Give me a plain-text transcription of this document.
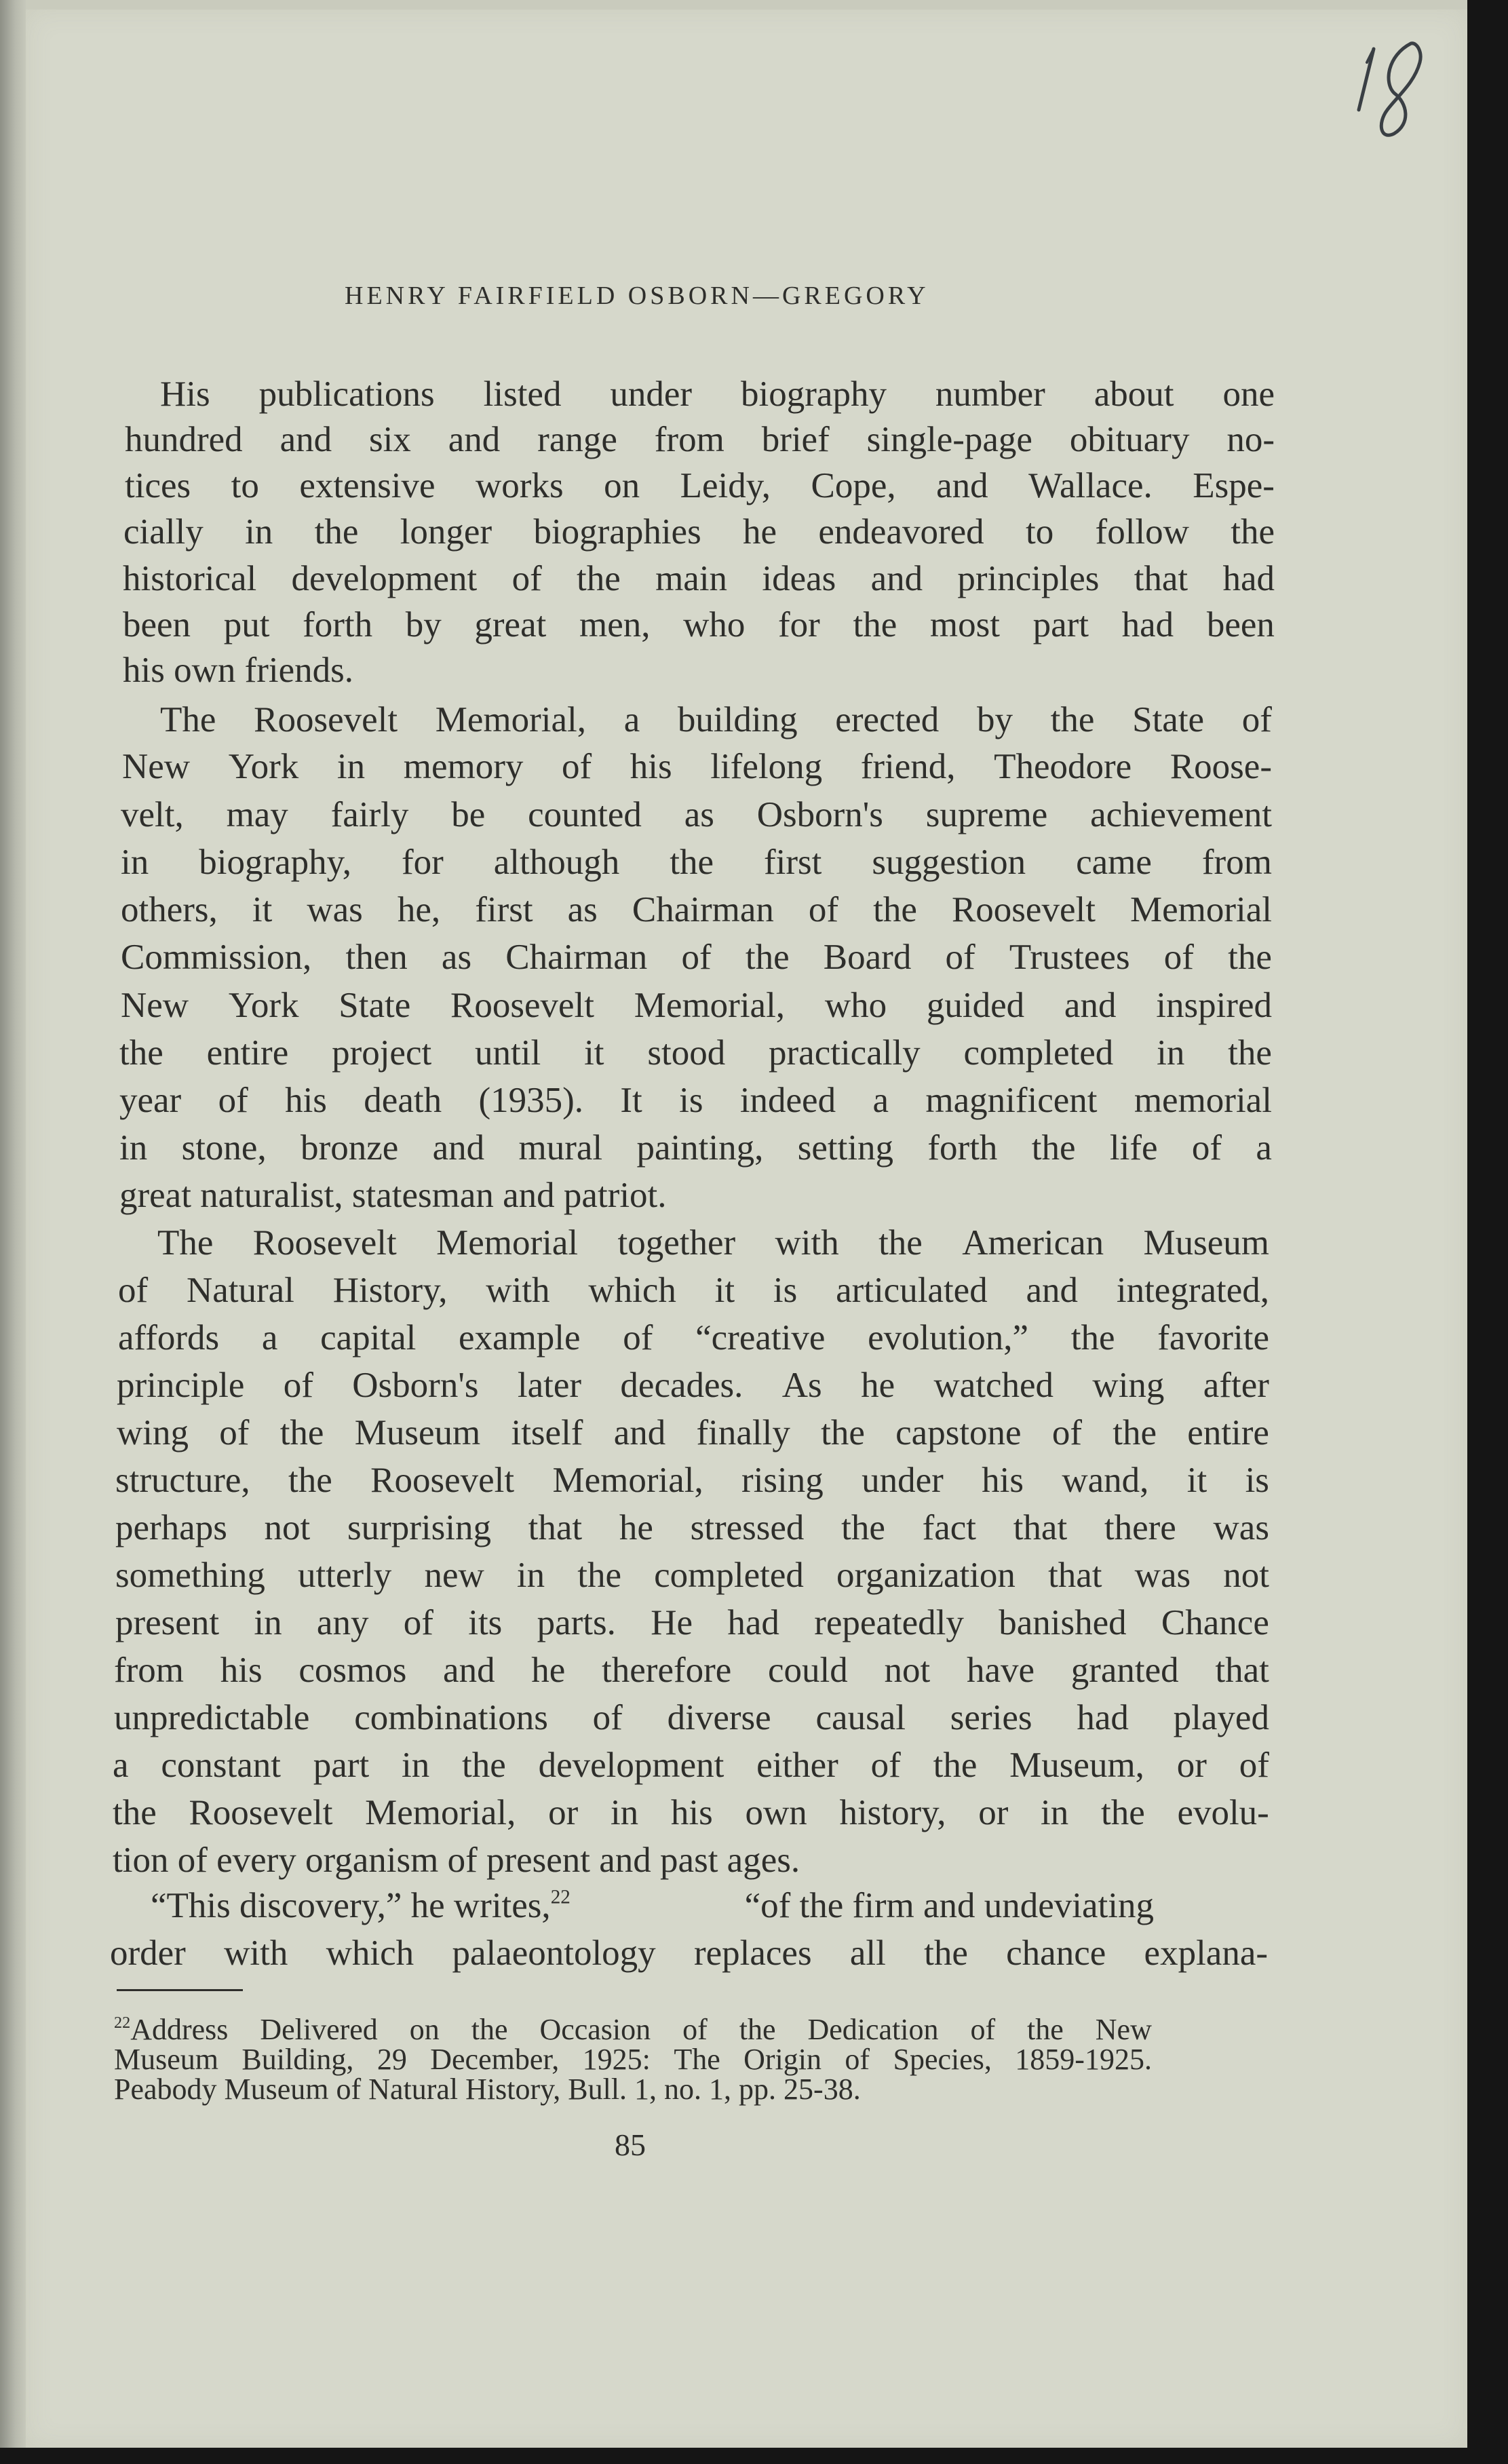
HENRY FAIRFIELD OSBORN—GREGORY
His publications listed under biography number about one
hundred and six and range from brief single-page obituary no-
tices to extensive works on Leidy, Cope, and Wallace. Espe-
cially in the longer biographies he endeavored to follow the
historical development of the main ideas and principles that had
been put forth by great men, who for the most part had been
his own friends.
The Roosevelt Memorial, a building erected by the State of
New York in memory of his lifelong friend, Theodore Roose-
velt, may fairly be counted as Osborn's supreme achievement
in biography, for although the first suggestion came from
others, it was he, first as Chairman of the Roosevelt Memorial
Commission, then as Chairman of the Board of Trustees of the
New York State Roosevelt Memorial, who guided and inspired
the entire project until it stood practically completed in the
year of his death (1935). It is indeed a magnificent memorial
in stone, bronze and mural painting, setting forth the life of a
great naturalist, statesman and patriot.
The Roosevelt Memorial together with the American Museum
of Natural History, with which it is articulated and integrated,
affords a capital example of “creative evolution,” the favorite
principle of Osborn's later decades. As he watched wing after
wing of the Museum itself and finally the capstone of the entire
structure, the Roosevelt Memorial, rising under his wand, it is
perhaps not surprising that he stressed the fact that there was
something utterly new in the completed organization that was not
present in any of its parts. He had repeatedly banished Chance
from his cosmos and he therefore could not have granted that
unpredictable combinations of diverse causal series had played
a constant part in the development either of the Museum, or of
the Roosevelt Memorial, or in his own history, or in the evolu-
tion of every organism of present and past ages.
order with which palaeontology replaces all the chance explana-
“This discovery,” he writes,$^{22}$	“of the firm and undeviating
$^{22}$Address Delivered on the Occasion of the Dedication of the New
Museum Building, 29 December, 1925: The Origin of Species, 1859-1925.
Peabody Museum of Natural History, Bull. 1, no. 1, pp. 25-38.
85
